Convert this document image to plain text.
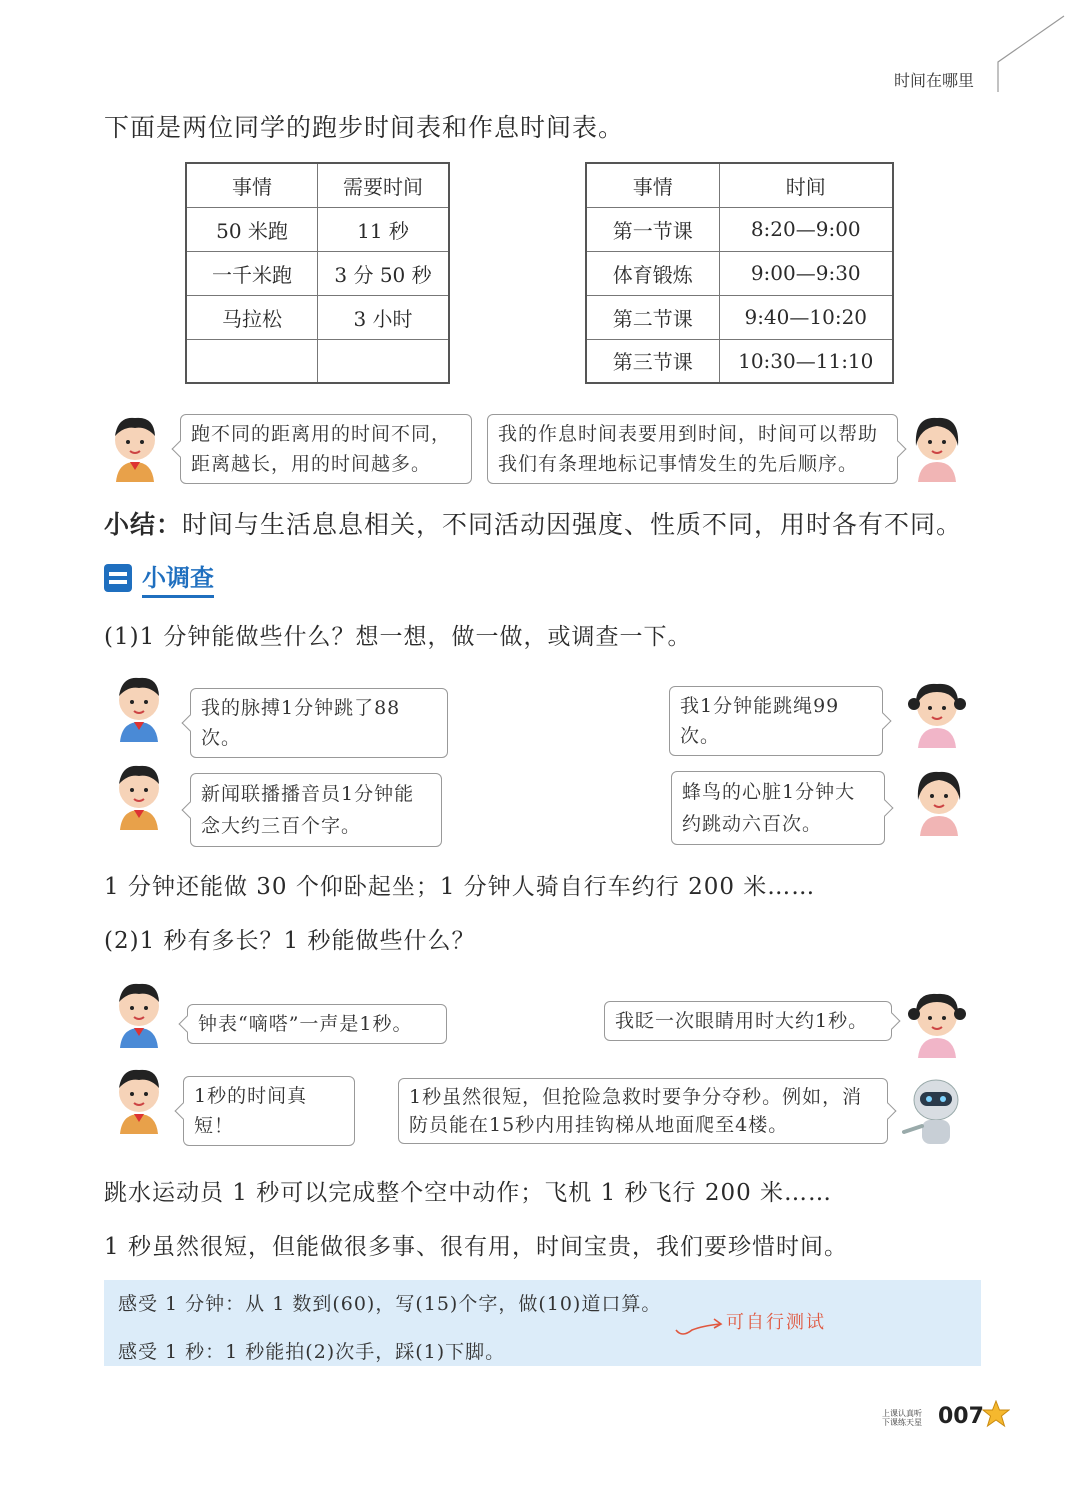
时间在哪里
下面是两位同学的跑步时间表和作息时间表。
事情	需要时间
50 米跑	11 秒
一千米跑	3 分 50 秒
马拉松	3 小时

事情	时间
第一节课	8:20—9:00
体育锻炼	9:00—9:30
第二节课	9:40—10:20
第三节课	10:30—11:10
跑不同的距离用的时间不同，距离越长，用的时间越多。
我的作息时间表要用到时间，时间可以帮助我们有条理地标记事情发生的先后顺序。
小结：时间与生活息息相关，不同活动因强度、性质不同，用时各有不同。
小调查
(1)1 分钟能做些什么？想一想，做一做，或调查一下。
我的脉搏1分钟跳了88次。
我1分钟能跳绳99次。
新闻联播播音员1分钟能念大约三百个字。
蜂鸟的心脏1分钟大约跳动六百次。
1 分钟还能做 30 个仰卧起坐；1 分钟人骑自行车约行 200 米……
(2)1 秒有多长？1 秒能做些什么？
钟表“嘀嗒”一声是1秒。	我眨一次眼睛用时大约1秒。
1秒的时间真短！
1秒虽然很短，但抢险急救时要争分夺秒。例如，消防员能在15秒内用挂钩梯从地面爬至4楼。
跳水运动员 1 秒可以完成整个空中动作；飞机 1 秒飞行 200 米……
1 秒虽然很短，但能做很多事、很有用，时间宝贵，我们要珍惜时间。
感受 1 分钟：从 1 数到(60)，写(15)个字，做(10)道口算。
感受 1 秒：1 秒能拍(2)次手，踩(1)下脚。
可自行测试
上课认真听
下课练天星 007
